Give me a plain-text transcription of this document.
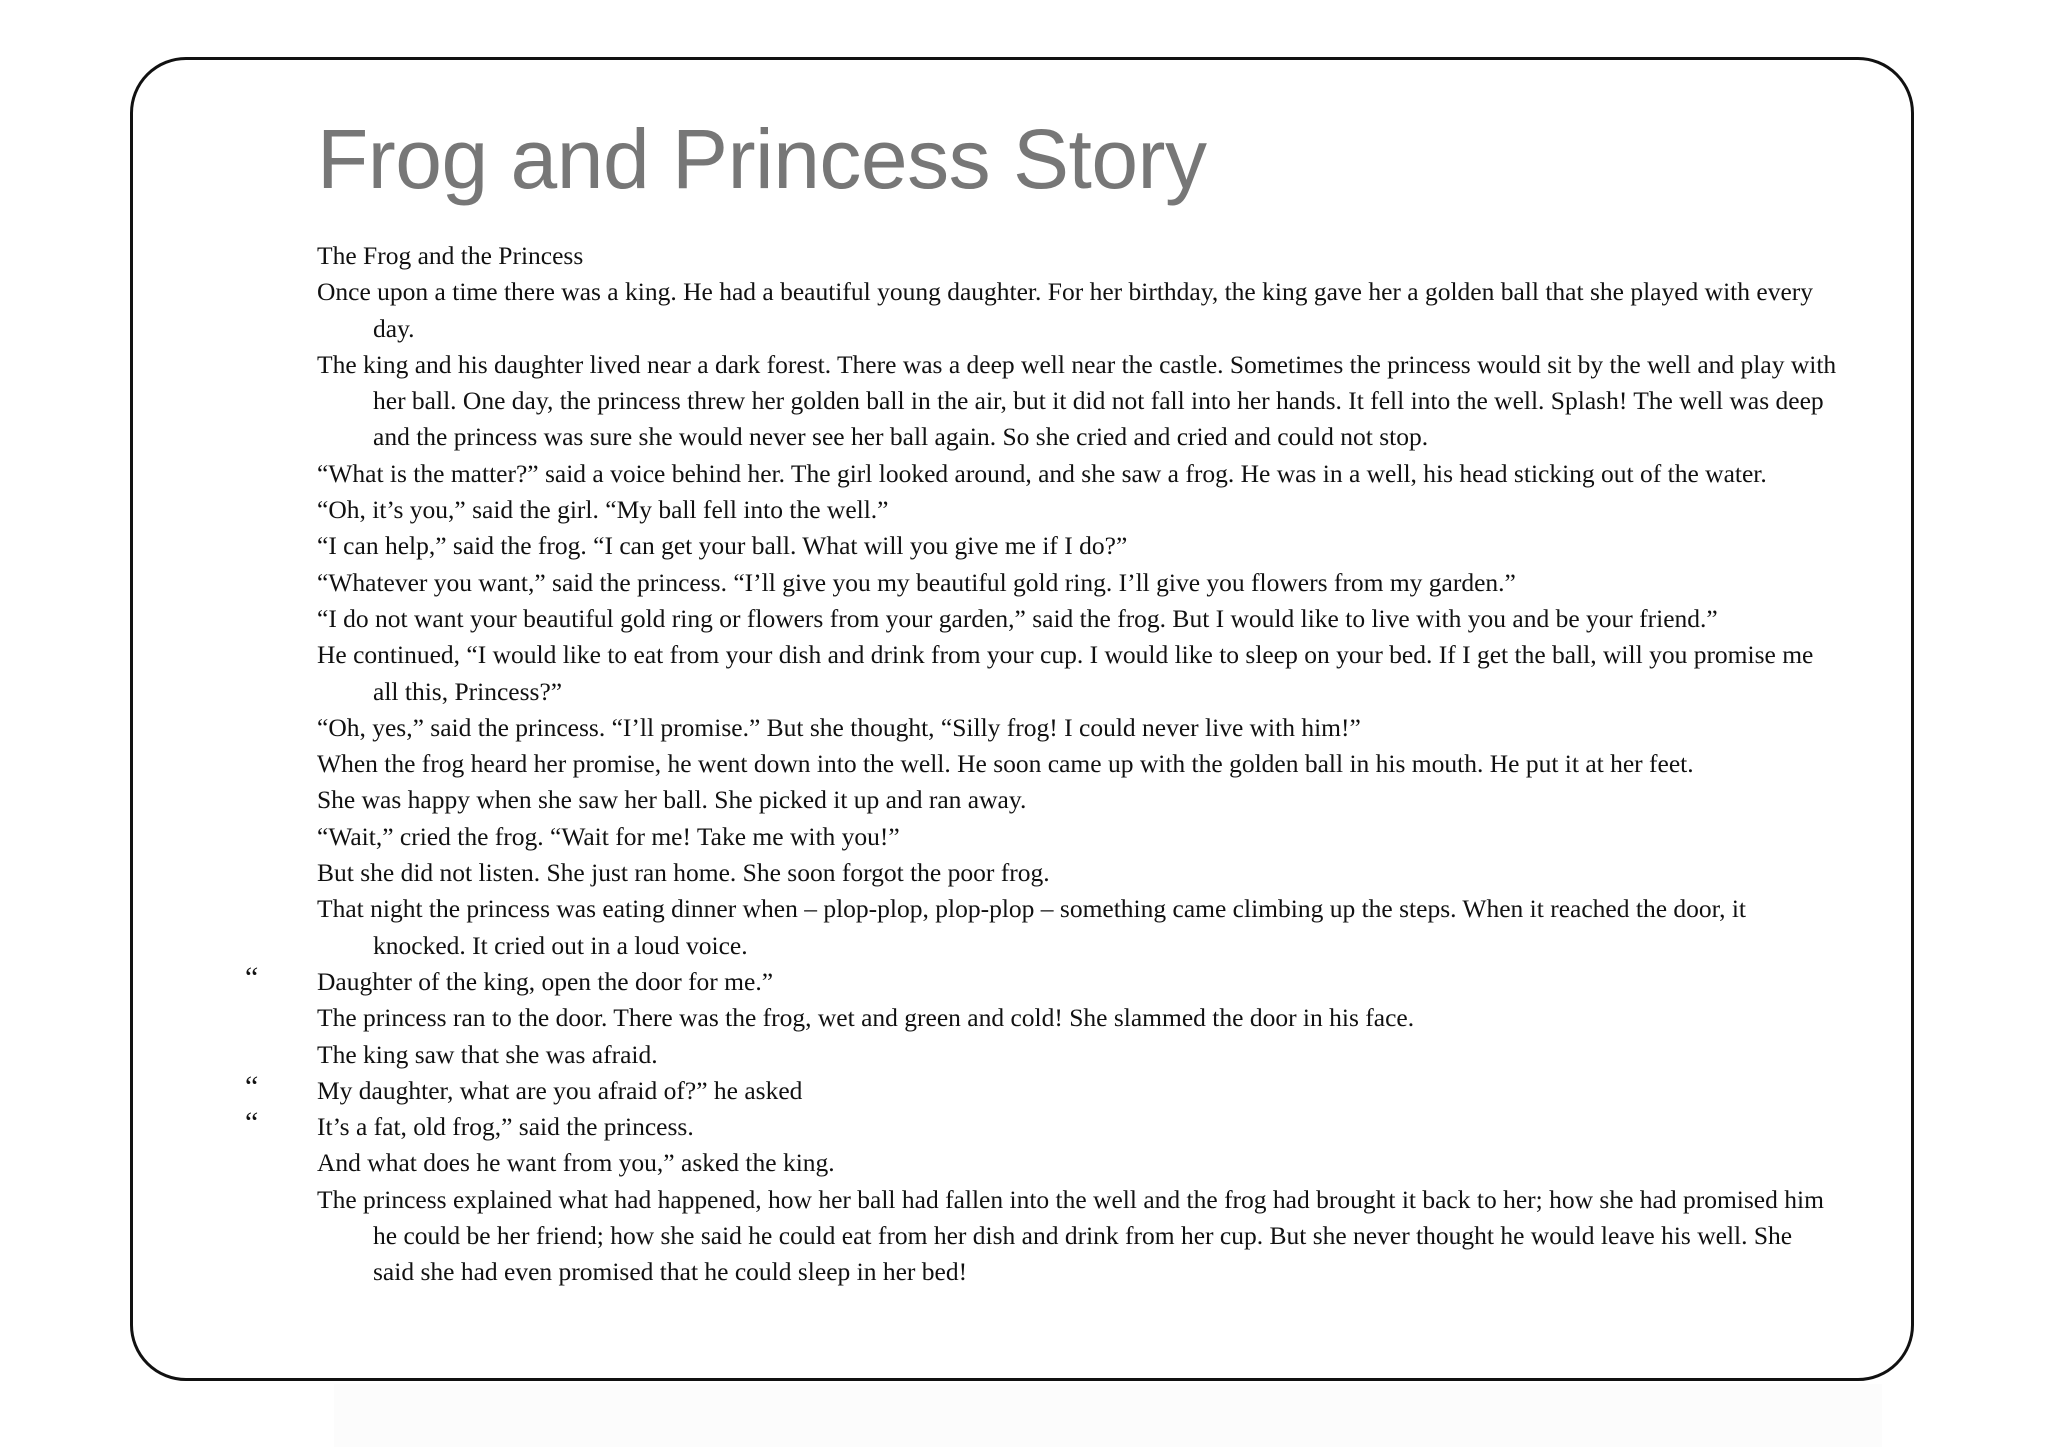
Frog and Princess Story

The Frog and the Princess

Once upon a time there was a king. He had a beautiful young daughter. For her birthday, the king gave her a golden ball that she played with every day.

The king and his daughter lived near a dark forest. There was a deep well near the castle. Sometimes the princess would sit by the well and play with her ball. One day, the princess threw her golden ball in the air, but it did not fall into her hands. It fell into the well. Splash! The well was deep and the princess was sure she would never see her ball again. So she cried and cried and could not stop.

“What is the matter?” said a voice behind her. The girl looked around, and she saw a frog. He was in a well, his head sticking out of the water.

“Oh, it’s you,” said the girl. “My ball fell into the well.”

“I can help,” said the frog. “I can get your ball. What will you give me if I do?”

“Whatever you want,” said the princess. “I’ll give you my beautiful gold ring. I’ll give you flowers from my garden.”

“I do not want your beautiful gold ring or flowers from your garden,” said the frog. But I would like to live with you and be your friend.”

He continued, “I would like to eat from your dish and drink from your cup. I would like to sleep on your bed. If I get the ball, will you promise me all this, Princess?”

“Oh, yes,” said the princess. “I’ll promise.” But she thought, “Silly frog! I could never live with him!”

When the frog heard her promise, he went down into the well. He soon came up with the golden ball in his mouth. He put it at her feet.

She was happy when she saw her ball. She picked it up and ran away.

“Wait,” cried the frog. “Wait for me! Take me with you!”

But she did not listen. She just ran home. She soon forgot the poor frog.

That night the princess was eating dinner when – plop-plop, plop-plop – something came climbing up the steps. When it reached the door, it knocked. It cried out in a loud voice.

Daughter of the king, open the door for me.”

The princess ran to the door. There was the frog, wet and green and cold! She slammed the door in his face.

The king saw that she was afraid.

My daughter, what are you afraid of?” he asked

It’s a fat, old frog,” said the princess.

And what does he want from you,” asked the king.

The princess explained what had happened, how her ball had fallen into the well and the frog had brought it back to her; how she had promised him he could be her friend; how she said he could eat from her dish and drink from her cup. But she never thought he would leave his well. She said she had even promised that he could sleep in her bed!
